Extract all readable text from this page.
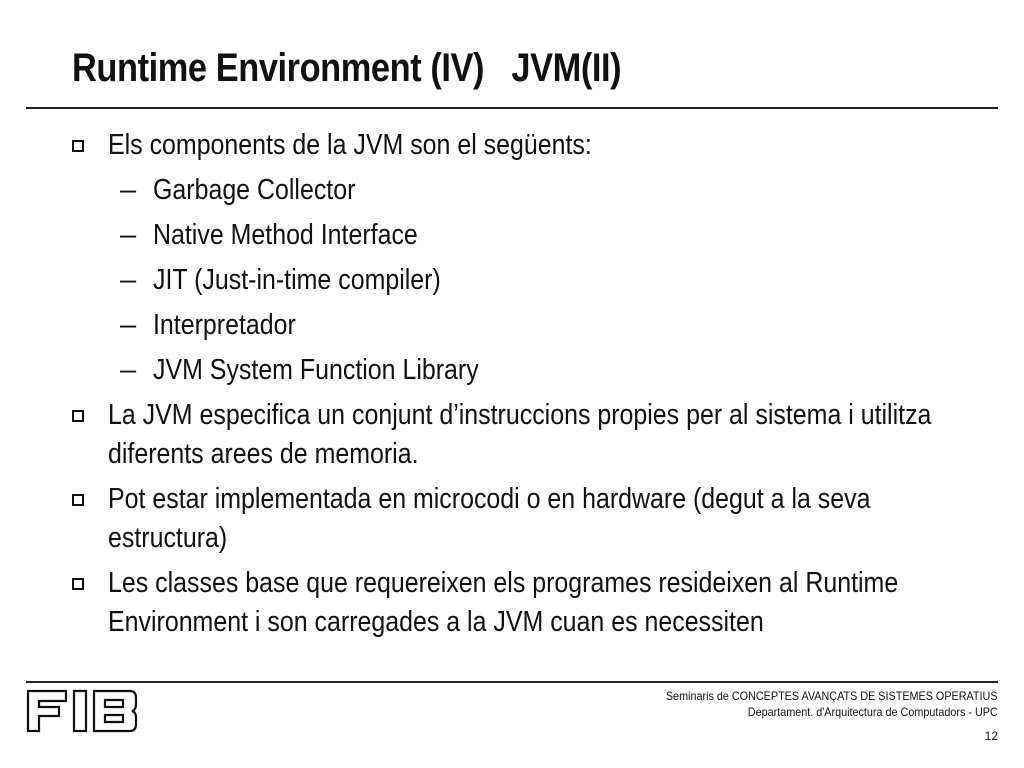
Runtime Environment (IV)   JVM(II)
Els components de la JVM son el següents:
– Garbage Collector
– Native Method Interface
– JIT (Just-in-time compiler)
– Interpretador
– JVM System Function Library
La JVM especifica un conjunt d’instruccions propies per al sistema i utilitza
diferents arees de memoria.
Pot estar implementada en microcodi o en hardware (degut a la seva
estructura)
Les classes base que requereixen els programes resideixen al Runtime
Environment i son carregades a la JVM cuan es necessiten
Seminaris de CONCEPTES AVANÇATS DE SISTEMES OPERATIUS
Departament. d'Arquitectura de Computadors - UPC
12
